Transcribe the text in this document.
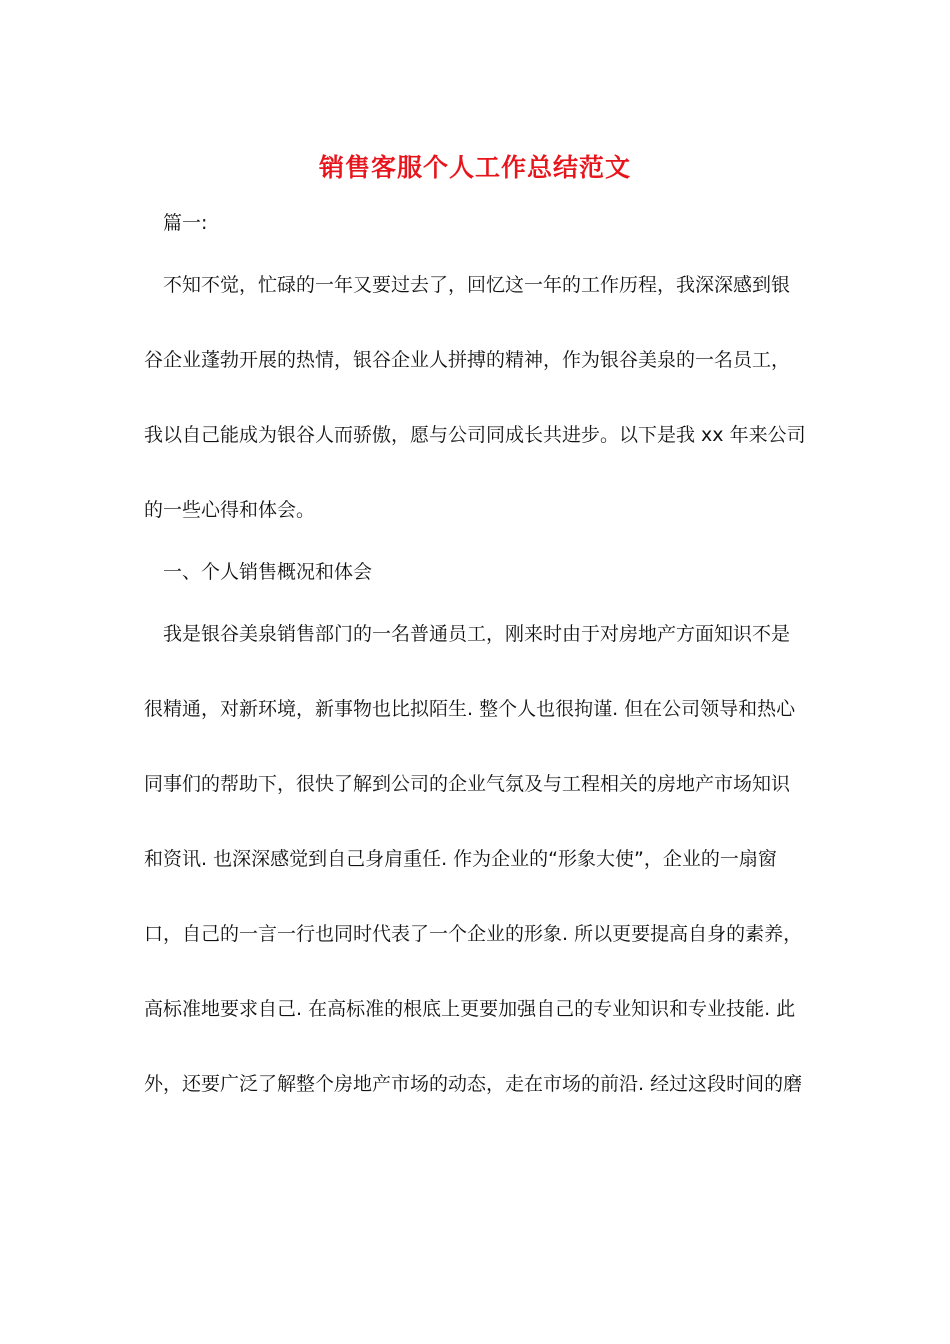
销售客服个人工作总结范文
篇一:
不知不觉，忙碌的一年又要过去了，回忆这一年的工作历程，我深深感到银
谷企业蓬勃开展的热情，银谷企业人拼搏的精神，作为银谷美泉的一名员工，
我以自己能成为银谷人而骄傲，愿与公司同成长共进步。以下是我 xx 年来公司
的一些心得和体会。
一、个人销售概况和体会
我是银谷美泉销售部门的一名普通员工，刚来时由于对房地产方面知识不是
很精通，对新环境，新事物也比拟陌生. 整个人也很拘谨. 但在公司领导和热心
同事们的帮助下，很快了解到公司的企业气氛及与工程相关的房地产市场知识
和资讯. 也深深感觉到自己身肩重任. 作为企业的“形象大使”，企业的一扇窗
口，自己的一言一行也同时代表了一个企业的形象. 所以更要提高自身的素养，
高标准地要求自己. 在高标准的根底上更要加强自己的专业知识和专业技能. 此
外，还要广泛了解整个房地产市场的动态，走在市场的前沿. 经过这段时间的磨
